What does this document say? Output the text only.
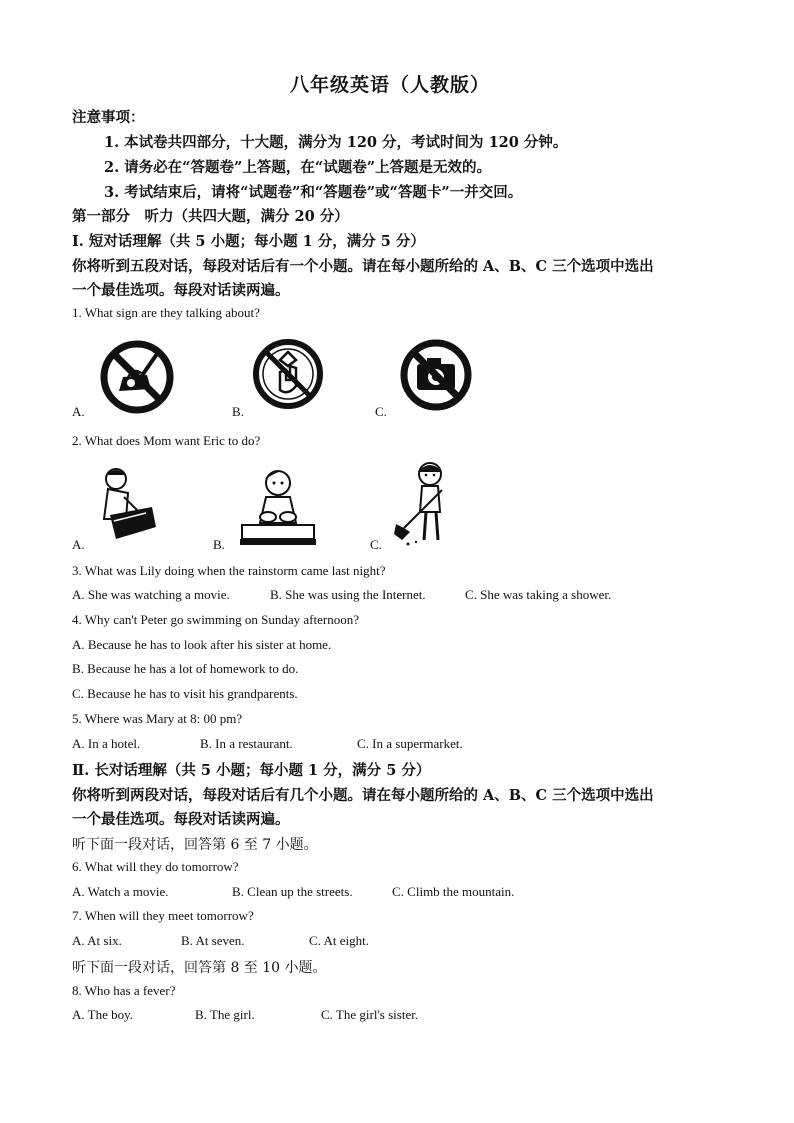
八年级英语（人教版）
注意事项：
1. 本试卷共四部分，十大题，满分为 120 分，考试时间为 120 分钟。
2. 请务必在“答题卷”上答题，在“试题卷”上答题是无效的。
3. 考试结束后，请将“试题卷”和“答题卷”或“答题卡”一并交回。
第一部分　听力（共四大题，满分 20 分）
I. 短对话理解（共 5 小题；每小题 1 分，满分 5 分）
你将听到五段对话，每段对话后有一个小题。请在每小题所给的 A、B、C 三个选项中选出
一个最佳选项。每段对话读两遍。
1. What sign are they talking about?
A.	B.	C.
2. What does Mom want Eric to do?
A.	B.	C.
3. What was Lily doing when the rainstorm came last night?
A. She was watching a movie.	B. She was using the Internet.	C. She was taking a shower.
4. Why can't Peter go swimming on Sunday afternoon?
A. Because he has to look after his sister at home.
B. Because he has a lot of homework to do.
C. Because he has to visit his grandparents.
5. Where was Mary at 8: 00 pm?
A. In a hotel.	B. In a restaurant.	C. In a supermarket.
Ⅱ. 长对话理解（共 5 小题；每小题 1 分，满分 5 分）
你将听到两段对话，每段对话后有几个小题。请在每小题所给的 A、B、C 三个选项中选出
一个最佳选项。每段对话读两遍。
听下面一段对话，回答第 6 至 7 小题。
6. What will they do tomorrow?
A. Watch a movie.	B. Clean up the streets.	C. Climb the mountain.
7. When will they meet tomorrow?
A. At six.	B. At seven.	C. At eight.
听下面一段对话，回答第 8 至 10 小题。
8. Who has a fever?
A. The boy.	B. The girl.	C. The girl's sister.
